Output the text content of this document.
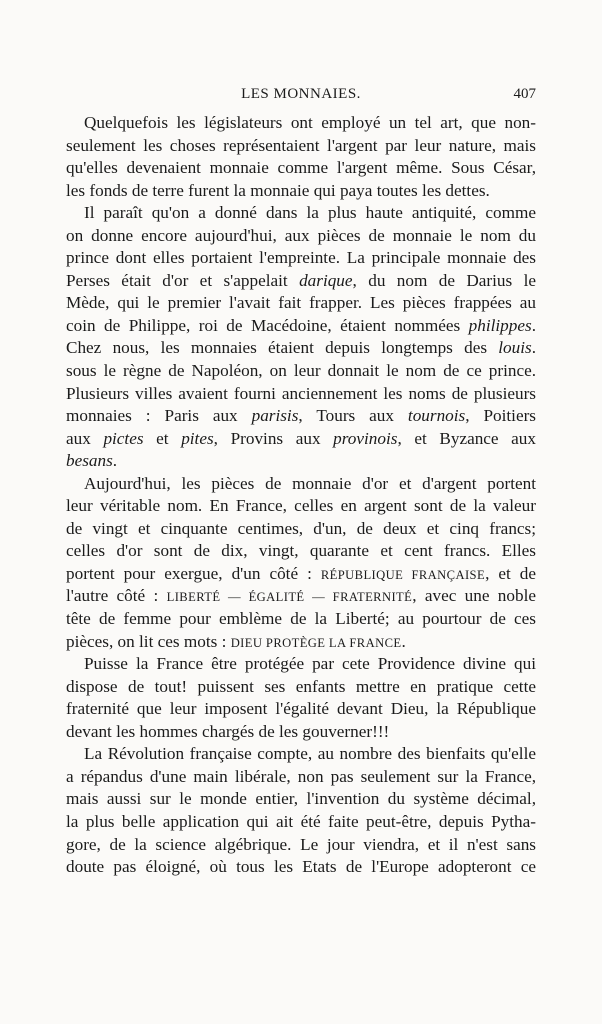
LES MONNAIES.	407
Quelquefois les législateurs ont employé un tel art, que non-
seulement les choses représentaient l'argent par leur nature, mais
qu'elles devenaient monnaie comme l'argent même. Sous César,
les fonds de terre furent la monnaie qui paya toutes les dettes.
Il paraît qu'on a donné dans la plus haute antiquité, comme
on donne encore aujourd'hui, aux pièces de monnaie le nom du
prince dont elles portaient l'empreinte. La principale monnaie des
Perses était d'or et s'appelait darique, du nom de Darius le
Mède, qui le premier l'avait fait frapper. Les pièces frappées au
coin de Philippe, roi de Macédoine, étaient nommées philippes.
Chez nous, les monnaies étaient depuis longtemps des louis.
sous le règne de Napoléon, on leur donnait le nom de ce prince.
Plusieurs villes avaient fourni anciennement les noms de plusieurs
monnaies : Paris aux parisis, Tours aux tournois, Poitiers
aux pictes et pites, Provins aux provinois, et Byzance aux
besans.
Aujourd'hui, les pièces de monnaie d'or et d'argent portent
leur véritable nom. En France, celles en argent sont de la valeur
de vingt et cinquante centimes, d'un, de deux et cinq francs;
celles d'or sont de dix, vingt, quarante et cent francs. Elles
portent pour exergue, d'un côté : RÉPUBLIQUE FRANÇAISE, et de
l'autre côté : LIBERTÉ — ÉGALITÉ — FRATERNITÉ, avec une noble
tête de femme pour emblème de la Liberté; au pourtour de ces
pièces, on lit ces mots : DIEU PROTÈGE LA FRANCE.
Puisse la France être protégée par cete Providence divine qui
dispose de tout! puissent ses enfants mettre en pratique cette
fraternité que leur imposent l'égalité devant Dieu, la République
devant les hommes chargés de les gouverner!!!
La Révolution française compte, au nombre des bienfaits qu'elle
a répandus d'une main libérale, non pas seulement sur la France,
mais aussi sur le monde entier, l'invention du système décimal,
la plus belle application qui ait été faite peut-être, depuis Pytha-
gore, de la science algébrique. Le jour viendra, et il n'est sans
doute pas éloigné, où tous les Etats de l'Europe adopteront ce
